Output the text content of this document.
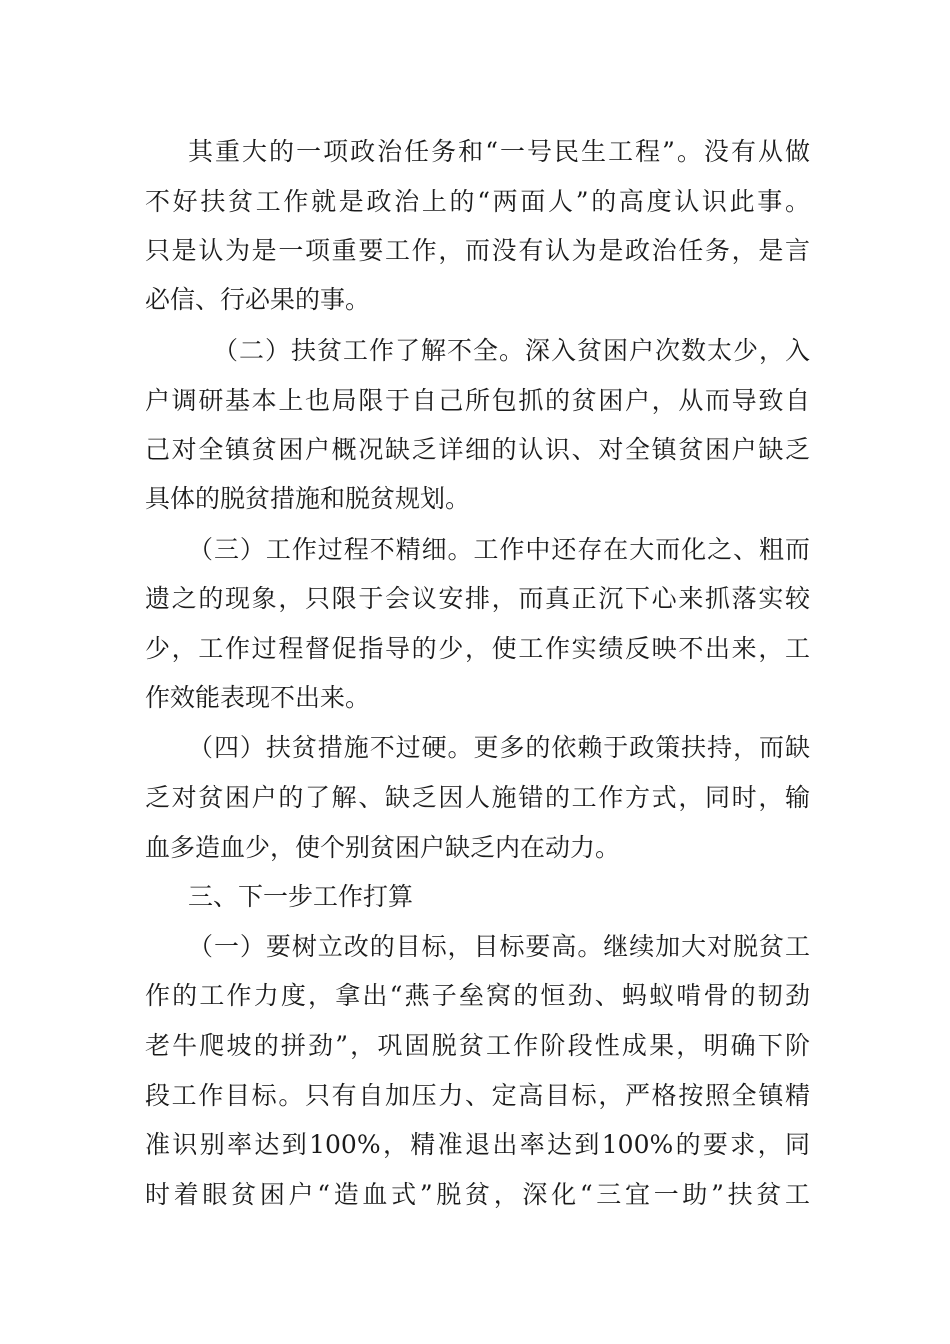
其重大的一项政治任务和“一号民生工程”。没有从做

不好扶贫工作就是政治上的“两面人”的高度认识此事。

只是认为是一项重要工作，而没有认为是政治任务，是言

必信、行必果的事。

（二）扶贫工作了解不全。深入贫困户次数太少，入

户调研基本上也局限于自己所包抓的贫困户，从而导致自

己对全镇贫困户概况缺乏详细的认识、对全镇贫困户缺乏

具体的脱贫措施和脱贫规划。

（三）工作过程不精细。工作中还存在大而化之、粗而

遗之的现象，只限于会议安排，而真正沉下心来抓落实较

少，工作过程督促指导的少，使工作实绩反映不出来，工

作效能表现不出来。

（四）扶贫措施不过硬。更多的依赖于政策扶持，而缺

乏对贫困户的了解、缺乏因人施错的工作方式，同时，输

血多造血少，使个别贫困户缺乏内在动力。

三、下一步工作打算

（一）要树立改的目标，目标要高。继续加大对脱贫工

作的工作力度，拿出“燕子垒窝的恒劲、蚂蚁啃骨的韧劲

老牛爬坡的拼劲”，巩固脱贫工作阶段性成果，明确下阶

段工作目标。只有自加压力、定高目标，严格按照全镇精

准识别率达到100%，精准退出率达到100%的要求，同

时着眼贫困户“造血式”脱贫，深化“三宜一助”扶贫工
